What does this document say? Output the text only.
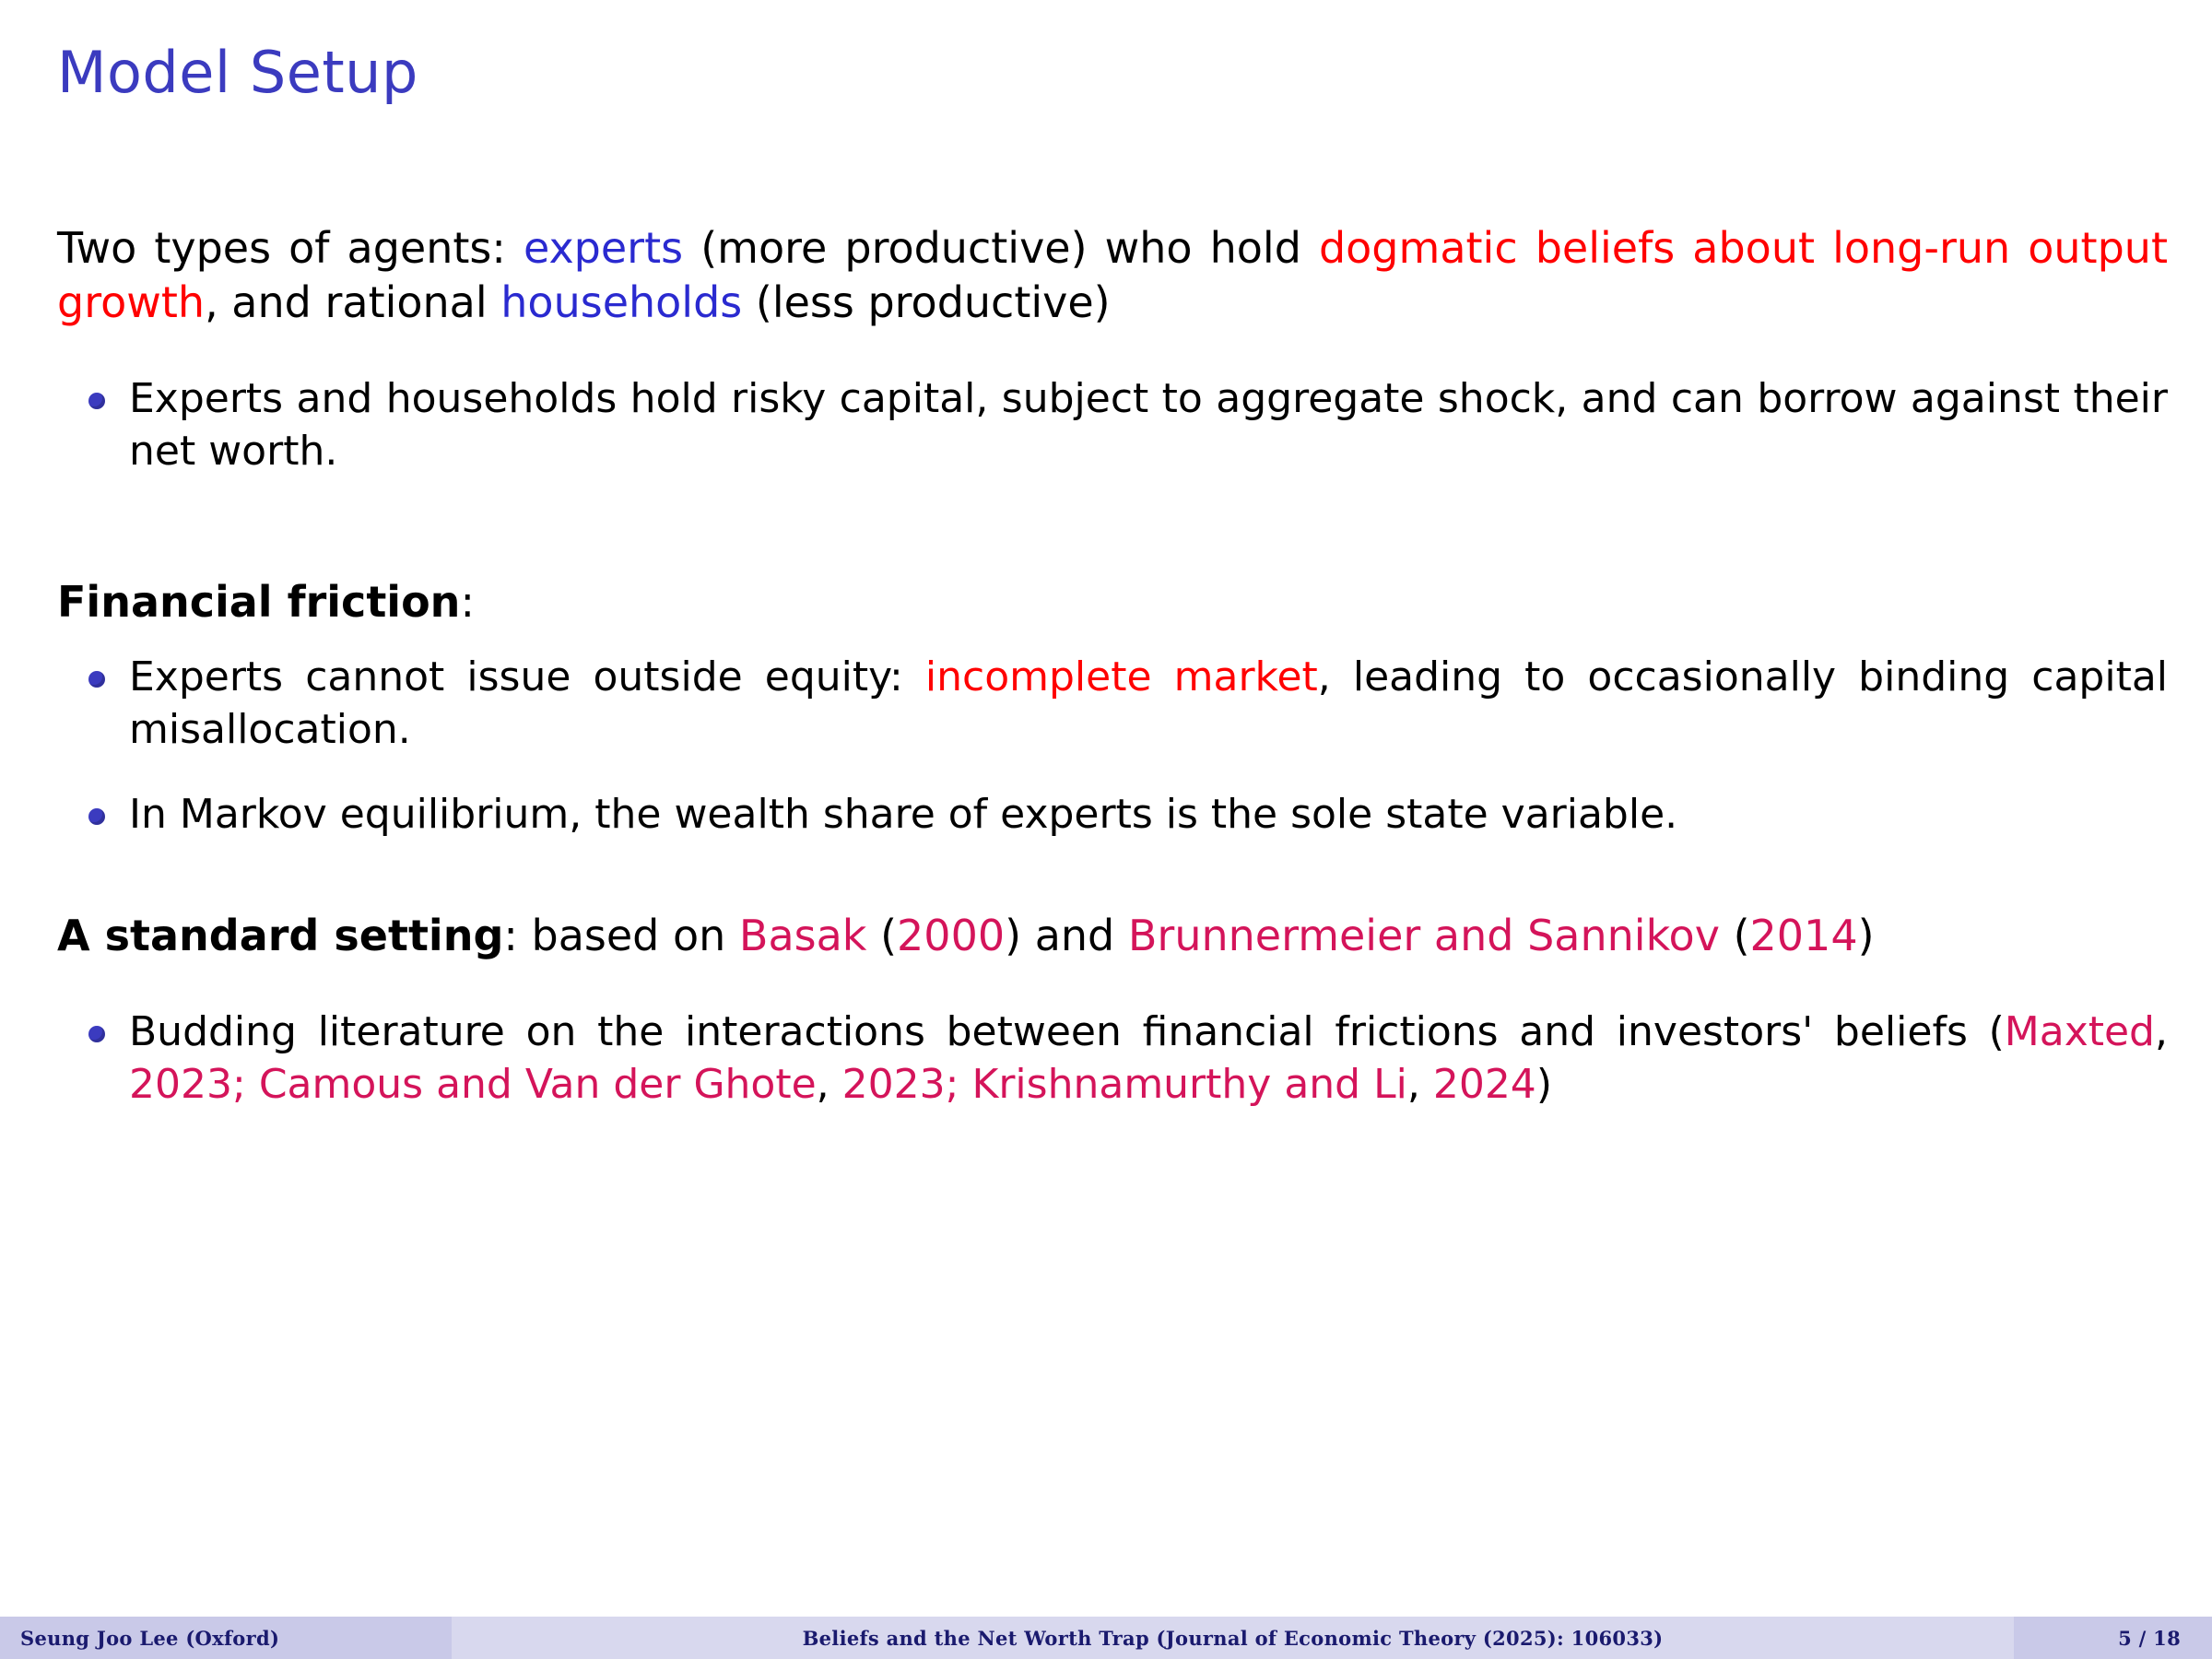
Model Setup

Two types of agents: experts (more productive) who hold dogmatic beliefs about long-run output growth, and rational households (less productive)

Experts and households hold risky capital, subject to aggregate shock, and can borrow against their net worth.
Financial friction:
Experts cannot issue outside equity: incomplete market, leading to occasionally binding capital misallocation.
In Markov equilibrium, the wealth share of experts is the sole state variable.

A standard setting: based on Basak (2000) and Brunnermeier and Sannikov (2014)

Budding literature on the interactions between financial frictions and investors' beliefs (Maxted, 2023; Camous and Van der Ghote, 2023; Krishnamurthy and Li, 2024)
Seung Joo Lee (Oxford)	Beliefs and the Net Worth Trap (Journal of Economic Theory (2025): 106033)	5 / 18
